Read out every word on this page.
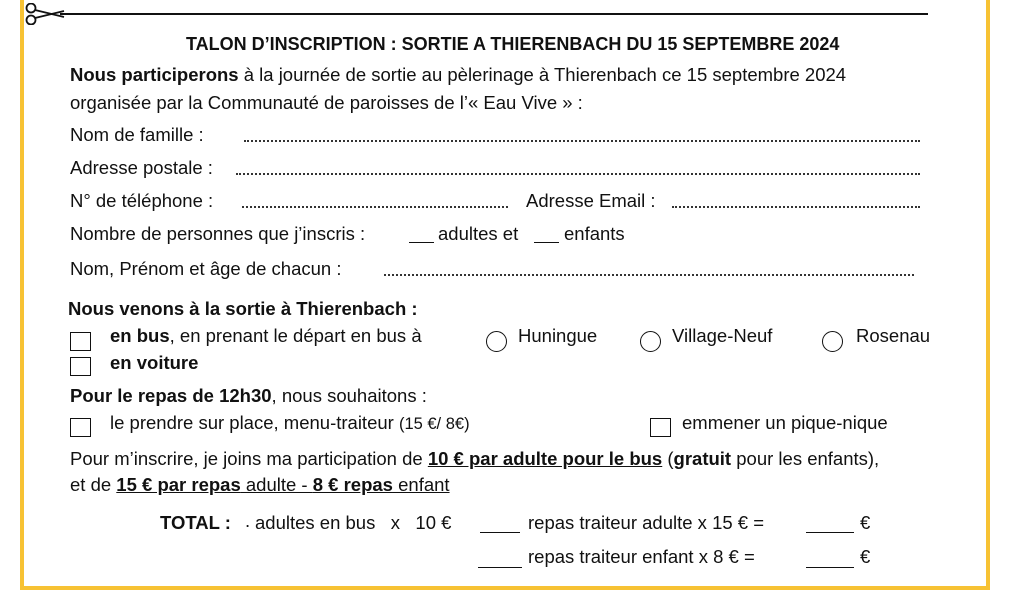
TALON D’INSCRIPTION : SORTIE A THIERENBACH DU 15 SEPTEMBRE 2024
Nous participerons à la journée de sortie au pèlerinage à Thierenbach ce 15 septembre 2024
organisée par la Communauté de paroisses de l’« Eau Vive » :
Nom de famille :
Adresse postale :
N° de téléphone :	Adresse Email :
Nombre de personnes que j’inscris :	adultes et enfants
Nom, Prénom et âge de chacun :
Nous venons à la sortie à Thierenbach :
en bus, en prenant le départ en bus à	Huningue	Village-Neuf	Rosenau
en voiture
Pour le repas de 12h30, nous souhaitons :
le prendre sur place, menu-traiteur (15 €/ 8€)	emmener un pique-nique
Pour m’inscrire, je joins ma participation de 10 € par adulte pour le bus (gratuit pour les enfants),
et de 15 € par repas adulte - 8 € repas enfant
TOTAL : . adultes en bus   x   10 €	repas traiteur adulte x 15 € =	€
repas traiteur enfant x 8 € =	€
